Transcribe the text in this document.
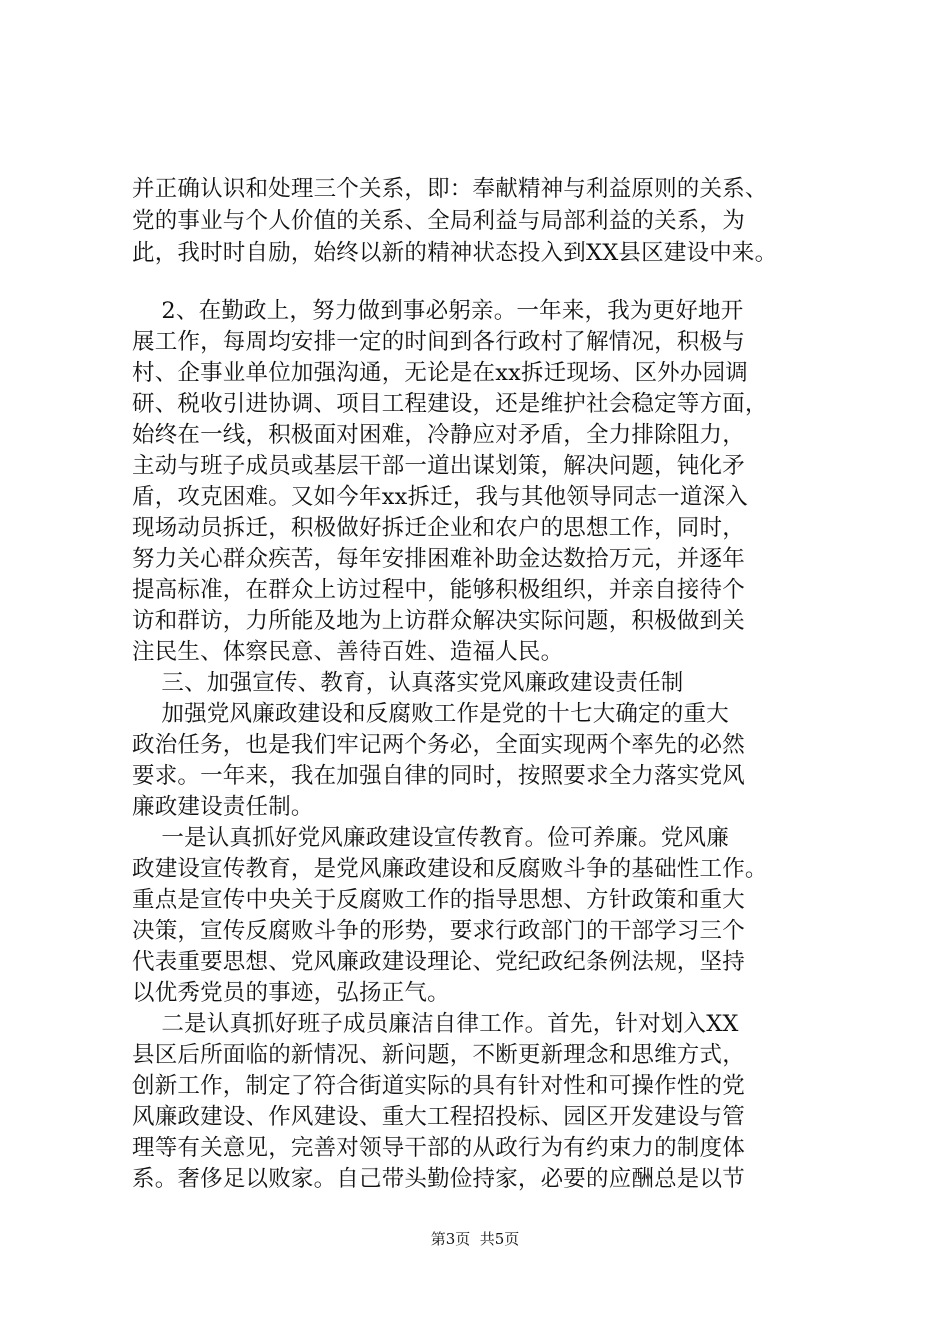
并正确认识和处理三个关系，即：奉献精神与利益原则的关系、
党的事业与个人价值的关系、全局利益与局部利益的关系，为
此，我时时自励，始终以新的精神状态投入到XX县区建设中来。
2、在勤政上，努力做到事必躬亲。一年来，我为更好地开
展工作，每周均安排一定的时间到各行政村了解情况，积极与
村、企事业单位加强沟通，无论是在xx拆迁现场、区外办园调
研、税收引进协调、项目工程建设，还是维护社会稳定等方面，
始终在一线，积极面对困难，冷静应对矛盾，全力排除阻力，
主动与班子成员或基层干部一道出谋划策，解决问题，钝化矛
盾，攻克困难。又如今年xx拆迁，我与其他领导同志一道深入
现场动员拆迁，积极做好拆迁企业和农户的思想工作，同时，
努力关心群众疾苦，每年安排困难补助金达数拾万元，并逐年
提高标准，在群众上访过程中，能够积极组织，并亲自接待个
访和群访，力所能及地为上访群众解决实际问题，积极做到关
注民生、体察民意、善待百姓、造福人民。
三、加强宣传、教育，认真落实党风廉政建设责任制
加强党风廉政建设和反腐败工作是党的十七大确定的重大
政治任务，也是我们牢记两个务必，全面实现两个率先的必然
要求。一年来，我在加强自律的同时，按照要求全力落实党风
廉政建设责任制。
一是认真抓好党风廉政建设宣传教育。俭可养廉。党风廉
政建设宣传教育，是党风廉政建设和反腐败斗争的基础性工作。
重点是宣传中央关于反腐败工作的指导思想、方针政策和重大
决策，宣传反腐败斗争的形势，要求行政部门的干部学习三个
代表重要思想、党风廉政建设理论、党纪政纪条例法规，坚持
以优秀党员的事迹，弘扬正气。
二是认真抓好班子成员廉洁自律工作。首先，针对划入XX
县区后所面临的新情况、新问题，不断更新理念和思维方式，
创新工作，制定了符合街道实际的具有针对性和可操作性的党
风廉政建设、作风建设、重大工程招投标、园区开发建设与管
理等有关意见，完善对领导干部的从政行为有约束力的制度体
系。奢侈足以败家。自己带头勤俭持家，必要的应酬总是以节
第3页  共5页
